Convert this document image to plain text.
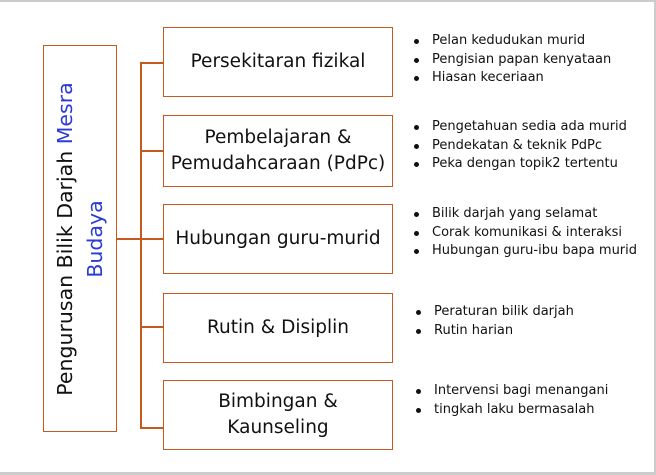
Pengurusan Bilik Darjah Mesra
Budaya
Persekitaran fizikal
Pembelajaran &
Pemudahcaraan (PdPc)
Hubungan guru-murid
Rutin & Disiplin
Bimbingan &
Kaunseling
Pelan kedudukan murid
Pengisian papan kenyataan
Hiasan keceriaan
Pengetahuan sedia ada murid
Pendekatan & teknik PdPc
Peka dengan topik2 tertentu
Bilik darjah yang selamat
Corak komunikasi & interaksi
Hubungan guru-ibu bapa murid
Peraturan bilik darjah
Rutin harian
Intervensi bagi menangani
tingkah laku bermasalah
